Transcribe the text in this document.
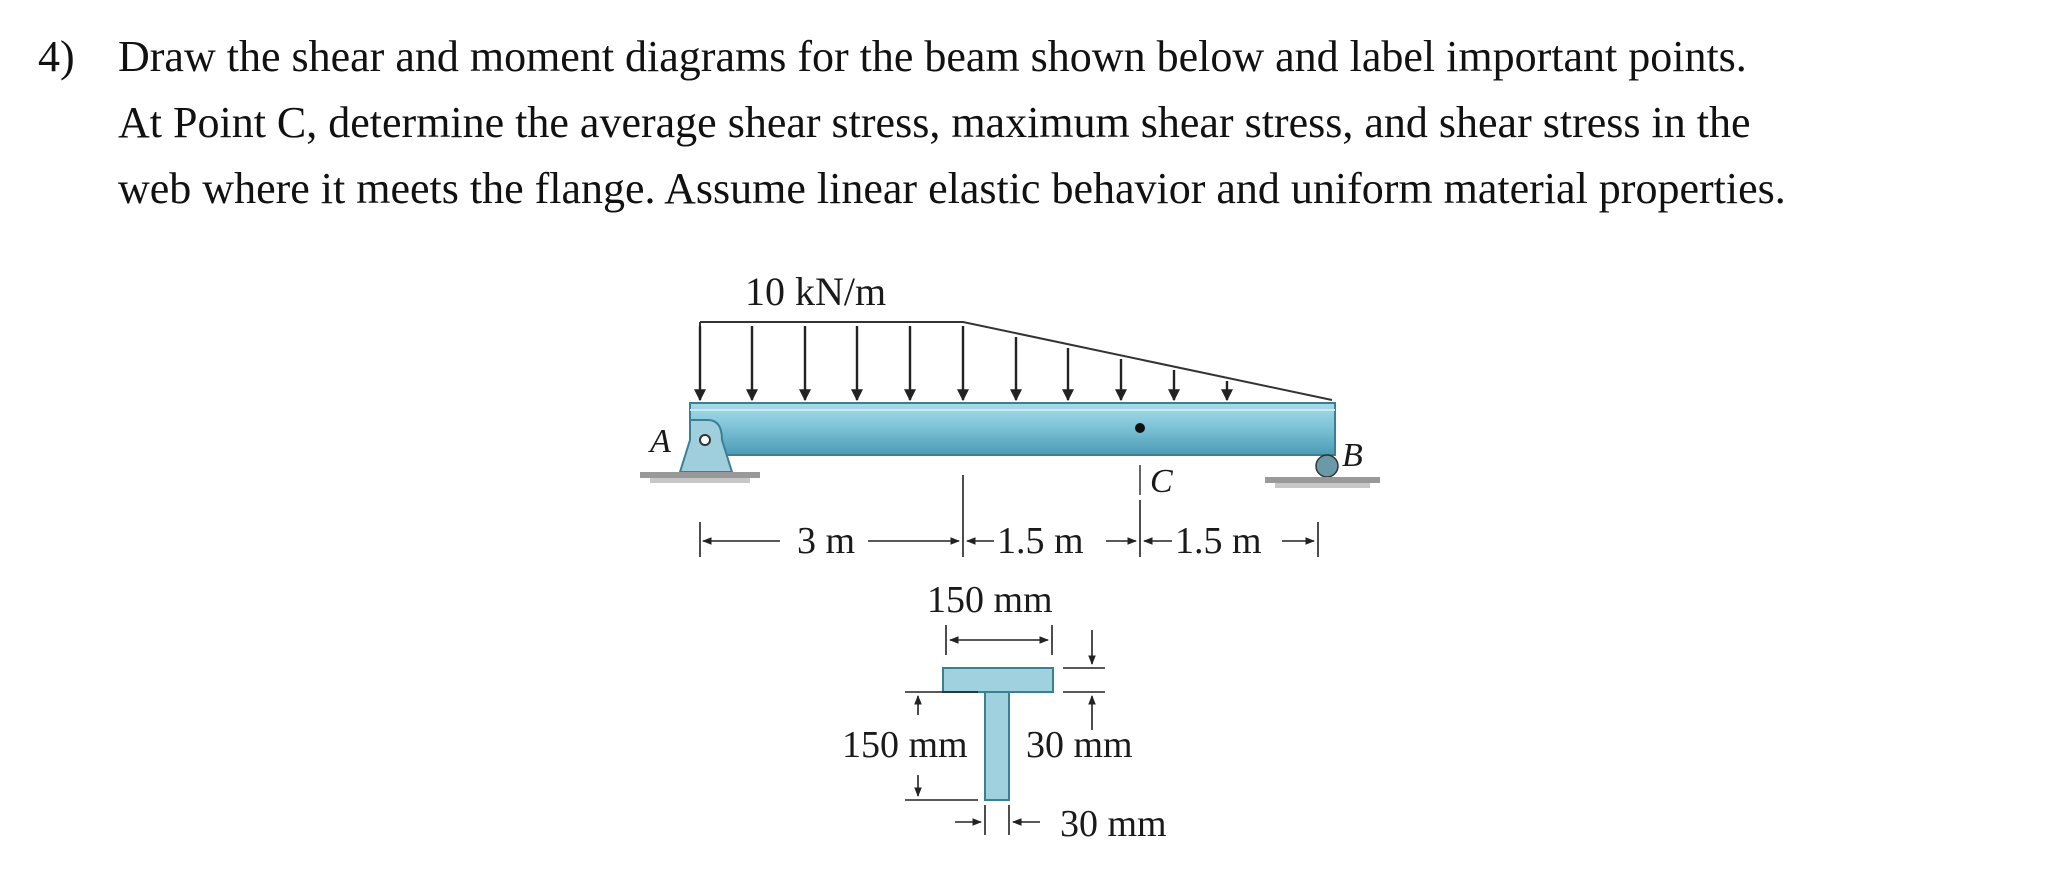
4) Draw the shear and moment diagrams for the beam shown below and label important points.
At Point C, determine the average shear stress, maximum shear stress, and shear stress in the
web where it meets the flange. Assume linear elastic behavior and uniform material properties.
10 kN/m
A	B
C
3 m	1.5 m 1.5 m
150 mm
150 mm 30 mm
30 mm
